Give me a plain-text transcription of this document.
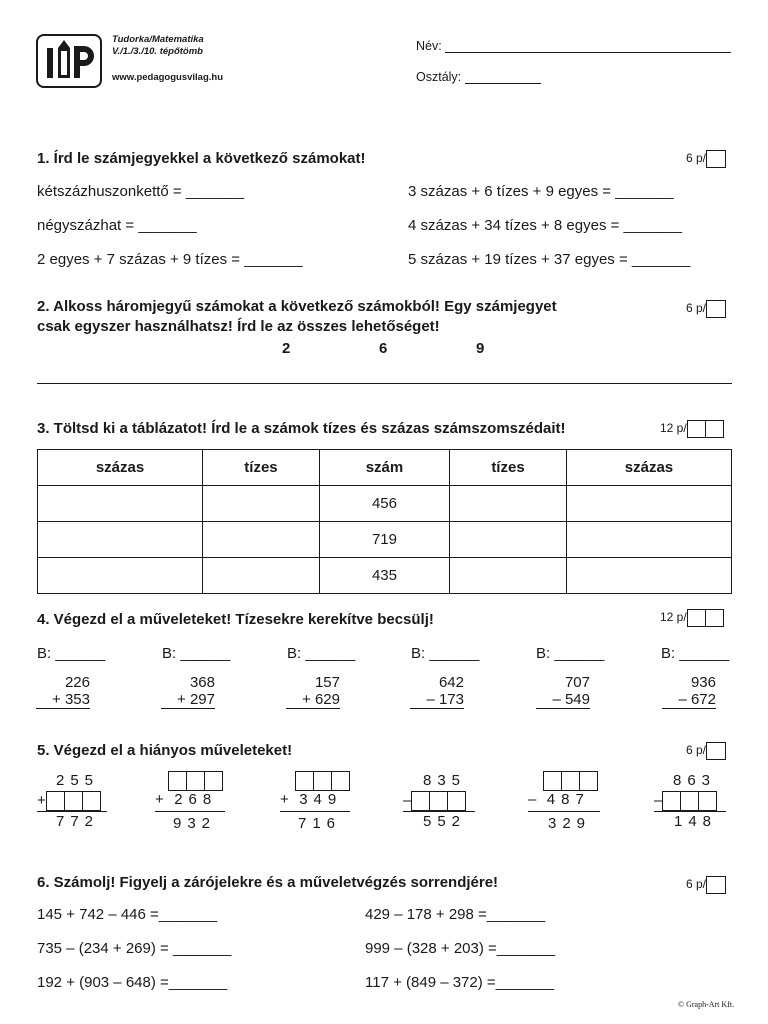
Tudorka/Matematika
V./1./3./10. tépőtömb
www.pedagogusvilag.hu
Név:
Osztály:
1. Írd le számjegyekkel a következő számokat!	6 p/
kétszázhuszonkettő = _______
négyszázhat = _______
2 egyes + 7 százas + 9 tízes = _______
3 százas + 6 tízes + 9 egyes = _______
4 százas + 34 tízes + 8 egyes = _______
5 százas + 19 tízes + 37 egyes = _______
2. Alkoss háromjegyű számokat a következő számokból! Egy számjegyet
csak egyszer használhatsz! Írd le az összes lehetőséget!
6 p/
2	6	9
3. Töltsd ki a táblázatot! Írd le a számok tízes és százas számszomszédait!	12 p/
százas	tízes	szám	tízes	százas
		456		
		719		
		435		
4. Végezd el a műveleteket! Tízesekre kerekítve becsülj!	12 p/
B: ______	B: ______	B: ______	B: ______	B: ______	B: ______
226
+ 353
368
+ 297
157
+ 629
642
– 173
707
– 549
936
– 672
5. Végezd el a hiányos műveleteket!	6 p/
255
+
772
+ 268
932
+ 349
716
835
–
552
– 487
329
863
–
148
6. Számolj! Figyelj a zárójelekre és a műveletvégzés sorrendjére!	6 p/
145 + 742 – 446 =_______
735 – (234 + 269) = _______
192 + (903 – 648) =_______
429 – 178 + 298 =_______
999 – (328 + 203) =_______
117 + (849 – 372) =_______
© Graph-Art Kft.
